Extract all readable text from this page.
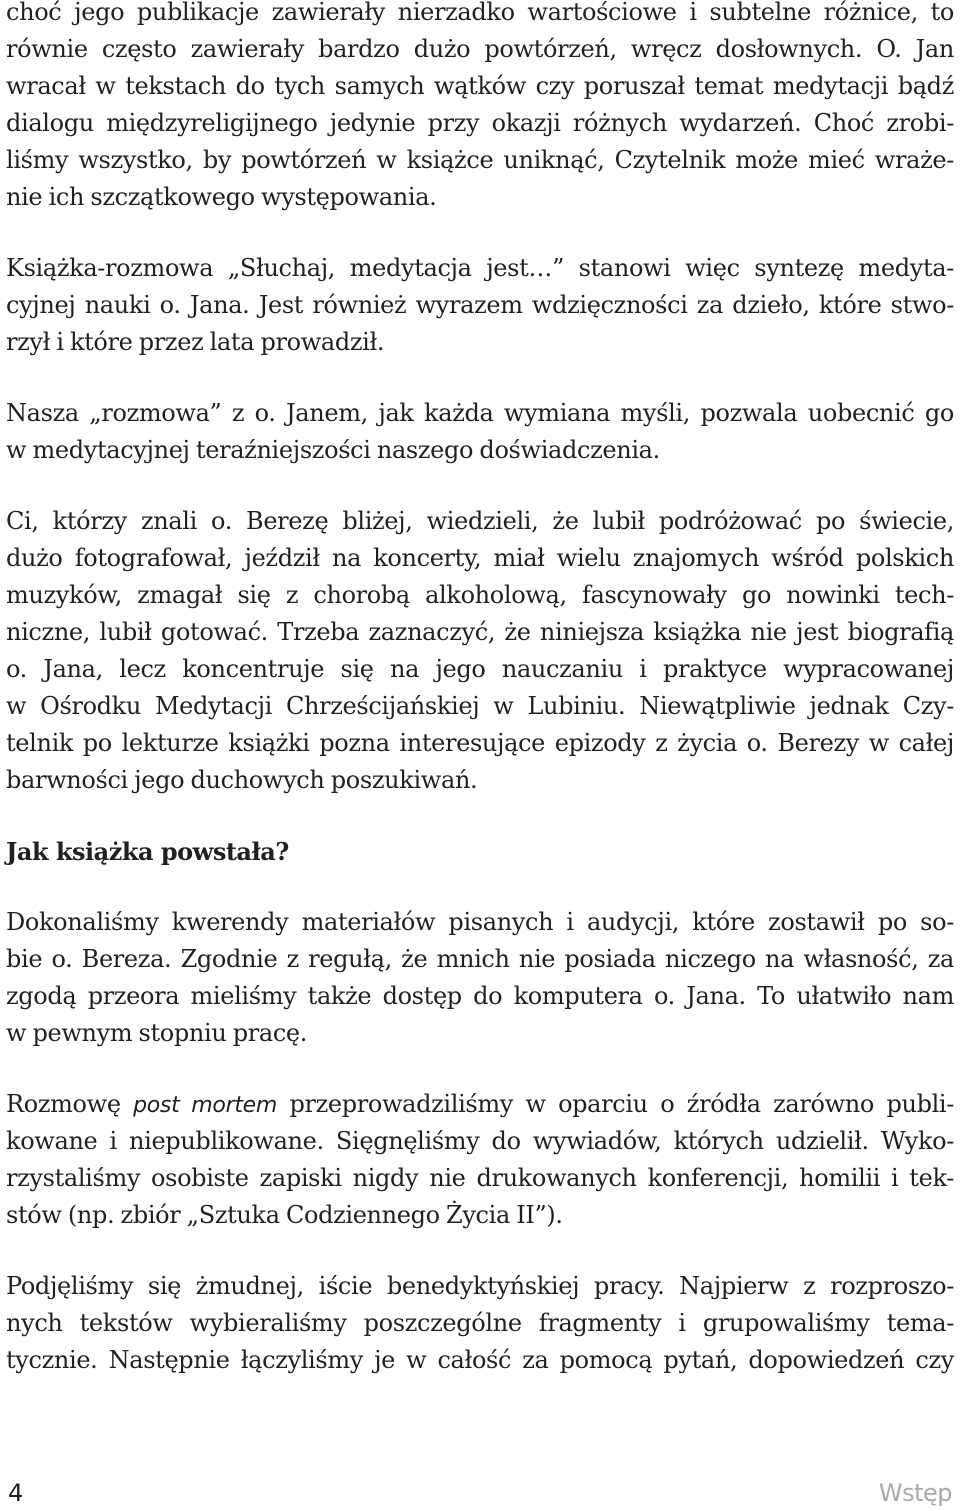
choć jego publikacje zawierały nierzadko wartościowe i subtelne różnice, to
równie często zawierały bardzo dużo powtórzeń, wręcz dosłownych. O. Jan
wracał w tekstach do tych samych wątków czy poruszał temat medytacji bądź
dialogu międzyreligijnego jedynie przy okazji różnych wydarzeń. Choć zrobi-
liśmy wszystko, by powtórzeń w książce uniknąć, Czytelnik może mieć wraże-
nie ich szczątkowego występowania.

Książka-rozmowa „Słuchaj, medytacja jest…” stanowi więc syntezę medyta-
cyjnej nauki o. Jana. Jest również wyrazem wdzięczności za dzieło, które stwo-
rzył i które przez lata prowadził.

Nasza „rozmowa” z o. Janem, jak każda wymiana myśli, pozwala uobecnić go
w medytacyjnej teraźniejszości naszego doświadczenia.

Ci, którzy znali o. Berezę bliżej, wiedzieli, że lubił podróżować po świecie,
dużo fotografował, jeździł na koncerty, miał wielu znajomych wśród polskich
muzyków, zmagał się z chorobą alkoholową, fascynowały go nowinki tech-
niczne, lubił gotować. Trzeba zaznaczyć, że niniejsza książka nie jest biografią
o. Jana, lecz koncentruje się na jego nauczaniu i praktyce wypracowanej
w Ośrodku Medytacji Chrześcijańskiej w Lubiniu. Niewątpliwie jednak Czy-
telnik po lekturze książki pozna interesujące epizody z życia o. Berezy w całej
barwności jego duchowych poszukiwań.

Jak książka powstała?

Dokonaliśmy kwerendy materiałów pisanych i audycji, które zostawił po so-
bie o. Bereza. Zgodnie z regułą, że mnich nie posiada niczego na własność, za
zgodą przeora mieliśmy także dostęp do komputera o. Jana. To ułatwiło nam
w pewnym stopniu pracę.

Rozmowę post mortem przeprowadziliśmy w oparciu o źródła zarówno publi-
kowane i niepublikowane. Sięgnęliśmy do wywiadów, których udzielił. Wyko-
rzystaliśmy osobiste zapiski nigdy nie drukowanych konferencji, homilii i tek-
stów (np. zbiór „Sztuka Codziennego Życia II”).

Podjęliśmy się żmudnej, iście benedyktyńskiej pracy. Najpierw z rozproszo-
nych tekstów wybieraliśmy poszczególne fragmenty i grupowaliśmy tema-
tycznie. Następnie łączyliśmy je w całość za pomocą pytań, dopowiedzeń czy

4	Wstęp
